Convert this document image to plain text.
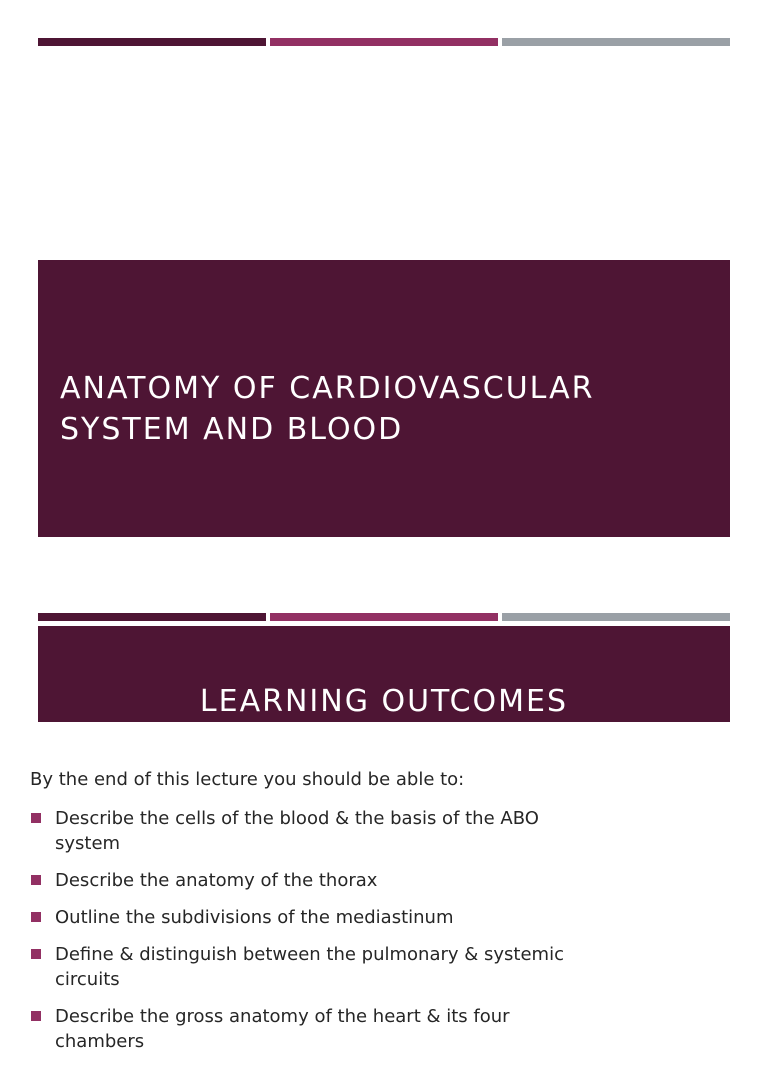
ANATOMY OF CARDIOVASCULAR SYSTEM AND BLOOD
LEARNING OUTCOMES
By the end of this lecture you should be able to:
Describe the cells of the blood & the basis of the ABO system
Describe the anatomy of the thorax
Outline the subdivisions of the mediastinum
Define & distinguish between the pulmonary & systemic circuits
Describe the gross anatomy of the heart & its four chambers
